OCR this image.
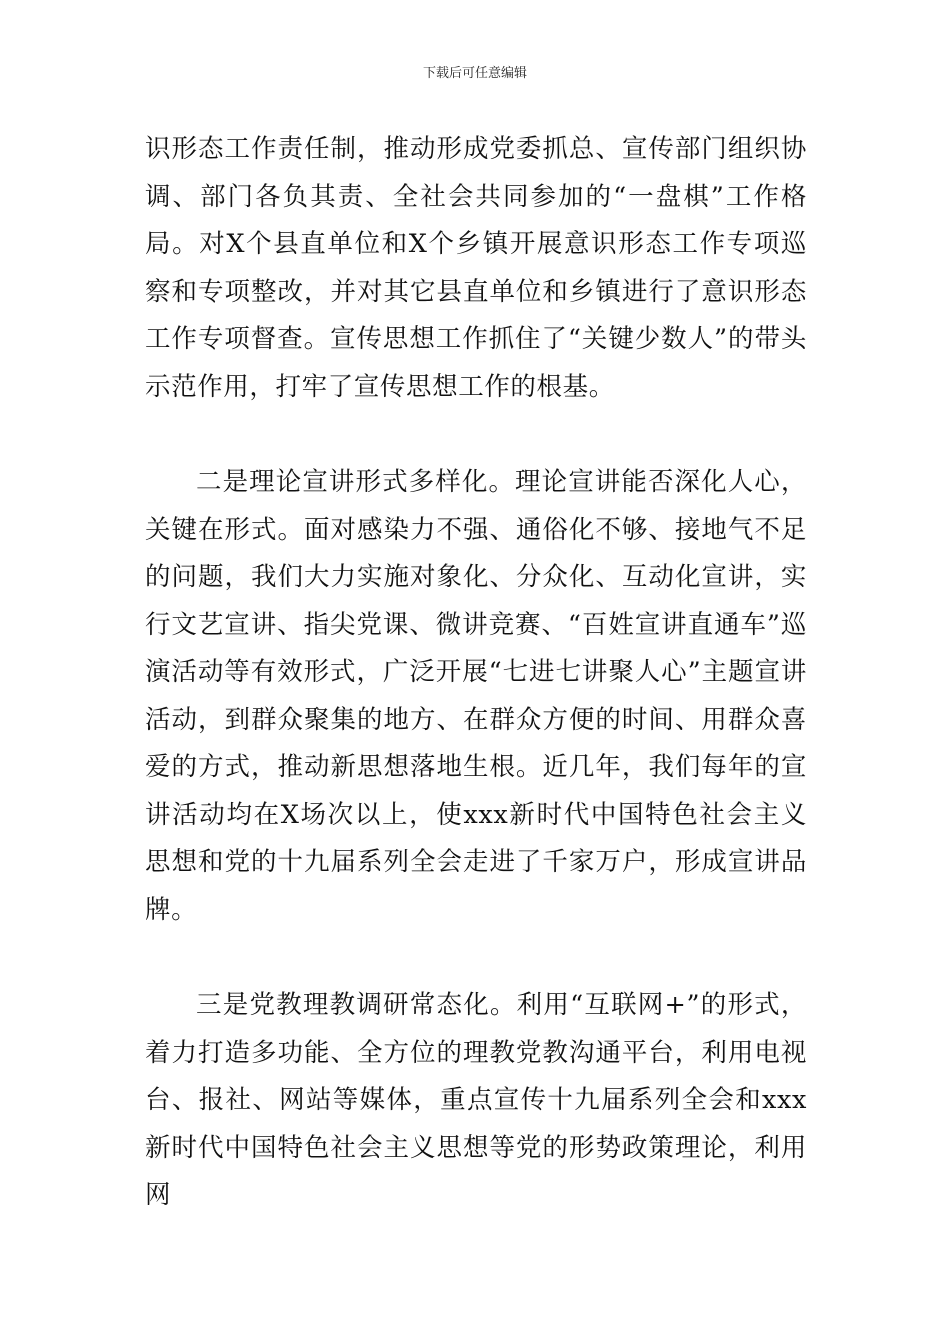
下载后可任意编辑

识形态工作责任制，推动形成党委抓总、宣传部门组织协调、部门各负其责、全社会共同参加的“一盘棋”工作格局。对X个县直单位和X个乡镇开展意识形态工作专项巡察和专项整改，并对其它县直单位和乡镇进行了意识形态工作专项督查。宣传思想工作抓住了“关键少数人”的带头示范作用，打牢了宣传思想工作的根基。

二是理论宣讲形式多样化。理论宣讲能否深化人心，关键在形式。面对感染力不强、通俗化不够、接地气不足的问题，我们大力实施对象化、分众化、互动化宣讲，实行文艺宣讲、指尖党课、微讲竞赛、“百姓宣讲直通车”巡演活动等有效形式，广泛开展“七进七讲聚人心”主题宣讲活动，到群众聚集的地方、在群众方便的时间、用群众喜爱的方式，推动新思想落地生根。近几年，我们每年的宣讲活动均在X场次以上，使xxx新时代中国特色社会主义思想和党的十九届系列全会走进了千家万户，形成宣讲品牌。

三是党教理教调研常态化。利用“互联网+”的形式，着力打造多功能、全方位的理教党教沟通平台，利用电视台、报社、网站等媒体，重点宣传十九届系列全会和xxx新时代中国特色社会主义思想等党的形势政策理论，利用网
